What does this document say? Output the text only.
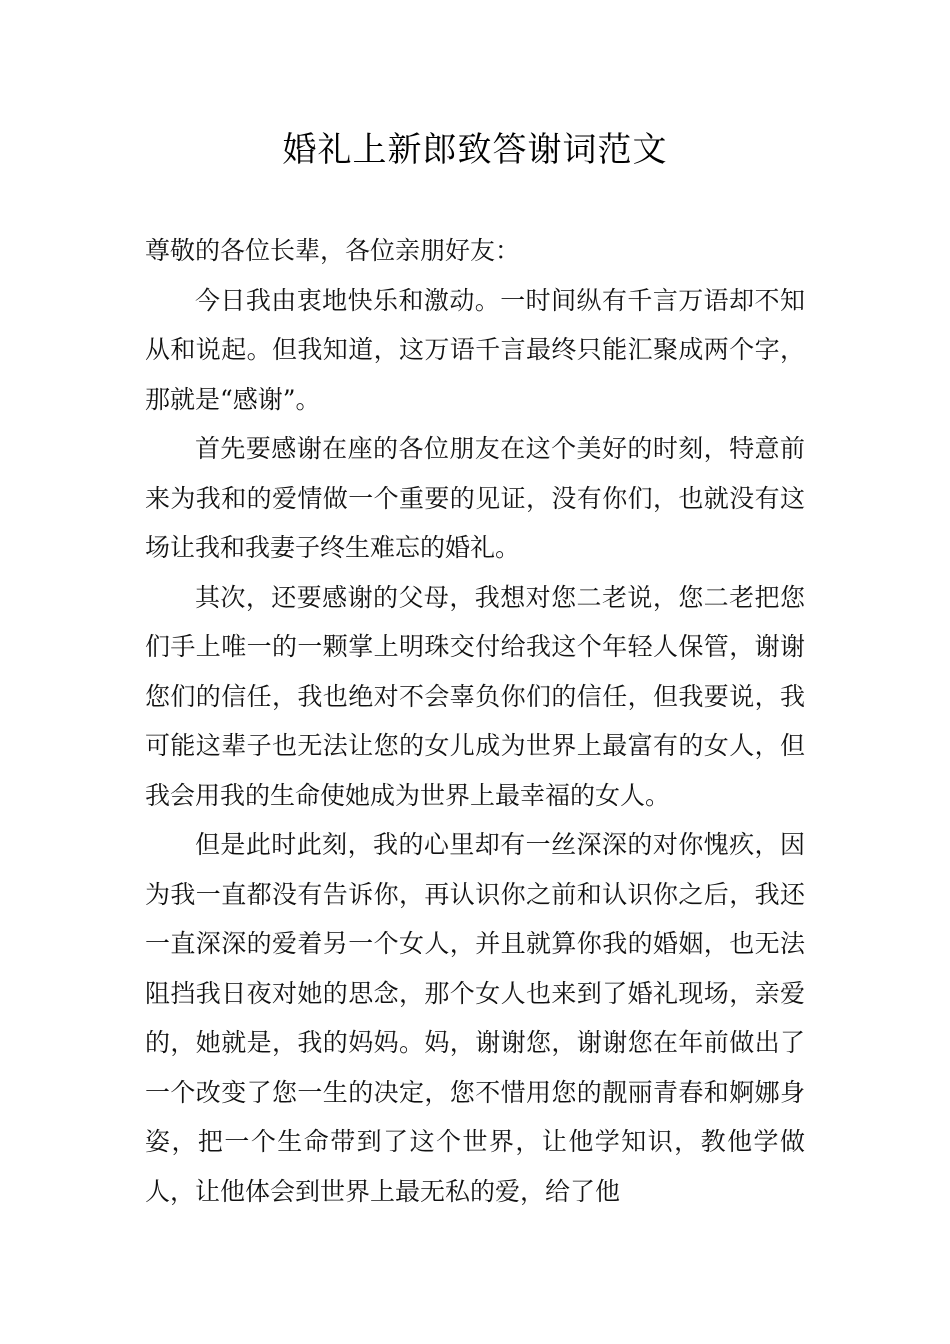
婚礼上新郎致答谢词范文

尊敬的各位长辈，各位亲朋好友：

今日我由衷地快乐和激动。一时间纵有千言万语却不知从和说起。但我知道，这万语千言最终只能汇聚成两个字，那就是“感谢”。

首先要感谢在座的各位朋友在这个美好的时刻，特意前来为我和的爱情做一个重要的见证，没有你们，也就没有这场让我和我妻子终生难忘的婚礼。

其次，还要感谢的父母，我想对您二老说，您二老把您们手上唯一的一颗掌上明珠交付给我这个年轻人保管，谢谢您们的信任，我也绝对不会辜负你们的信任，但我要说，我可能这辈子也无法让您的女儿成为世界上最富有的女人，但我会用我的生命使她成为世界上最幸福的女人。

但是此时此刻，我的心里却有一丝深深的对你愧疚，因为我一直都没有告诉你，再认识你之前和认识你之后，我还一直深深的爱着另一个女人，并且就算你我的婚姻，也无法阻挡我日夜对她的思念，那个女人也来到了婚礼现场，亲爱的，她就是，我的妈妈。妈，谢谢您，谢谢您在年前做出了一个改变了您一生的决定，您不惜用您的靓丽青春和婀娜身姿，把一个生命带到了这个世界，让他学知识，教他学做人，让他体会到世界上最无私的爱，给了他
